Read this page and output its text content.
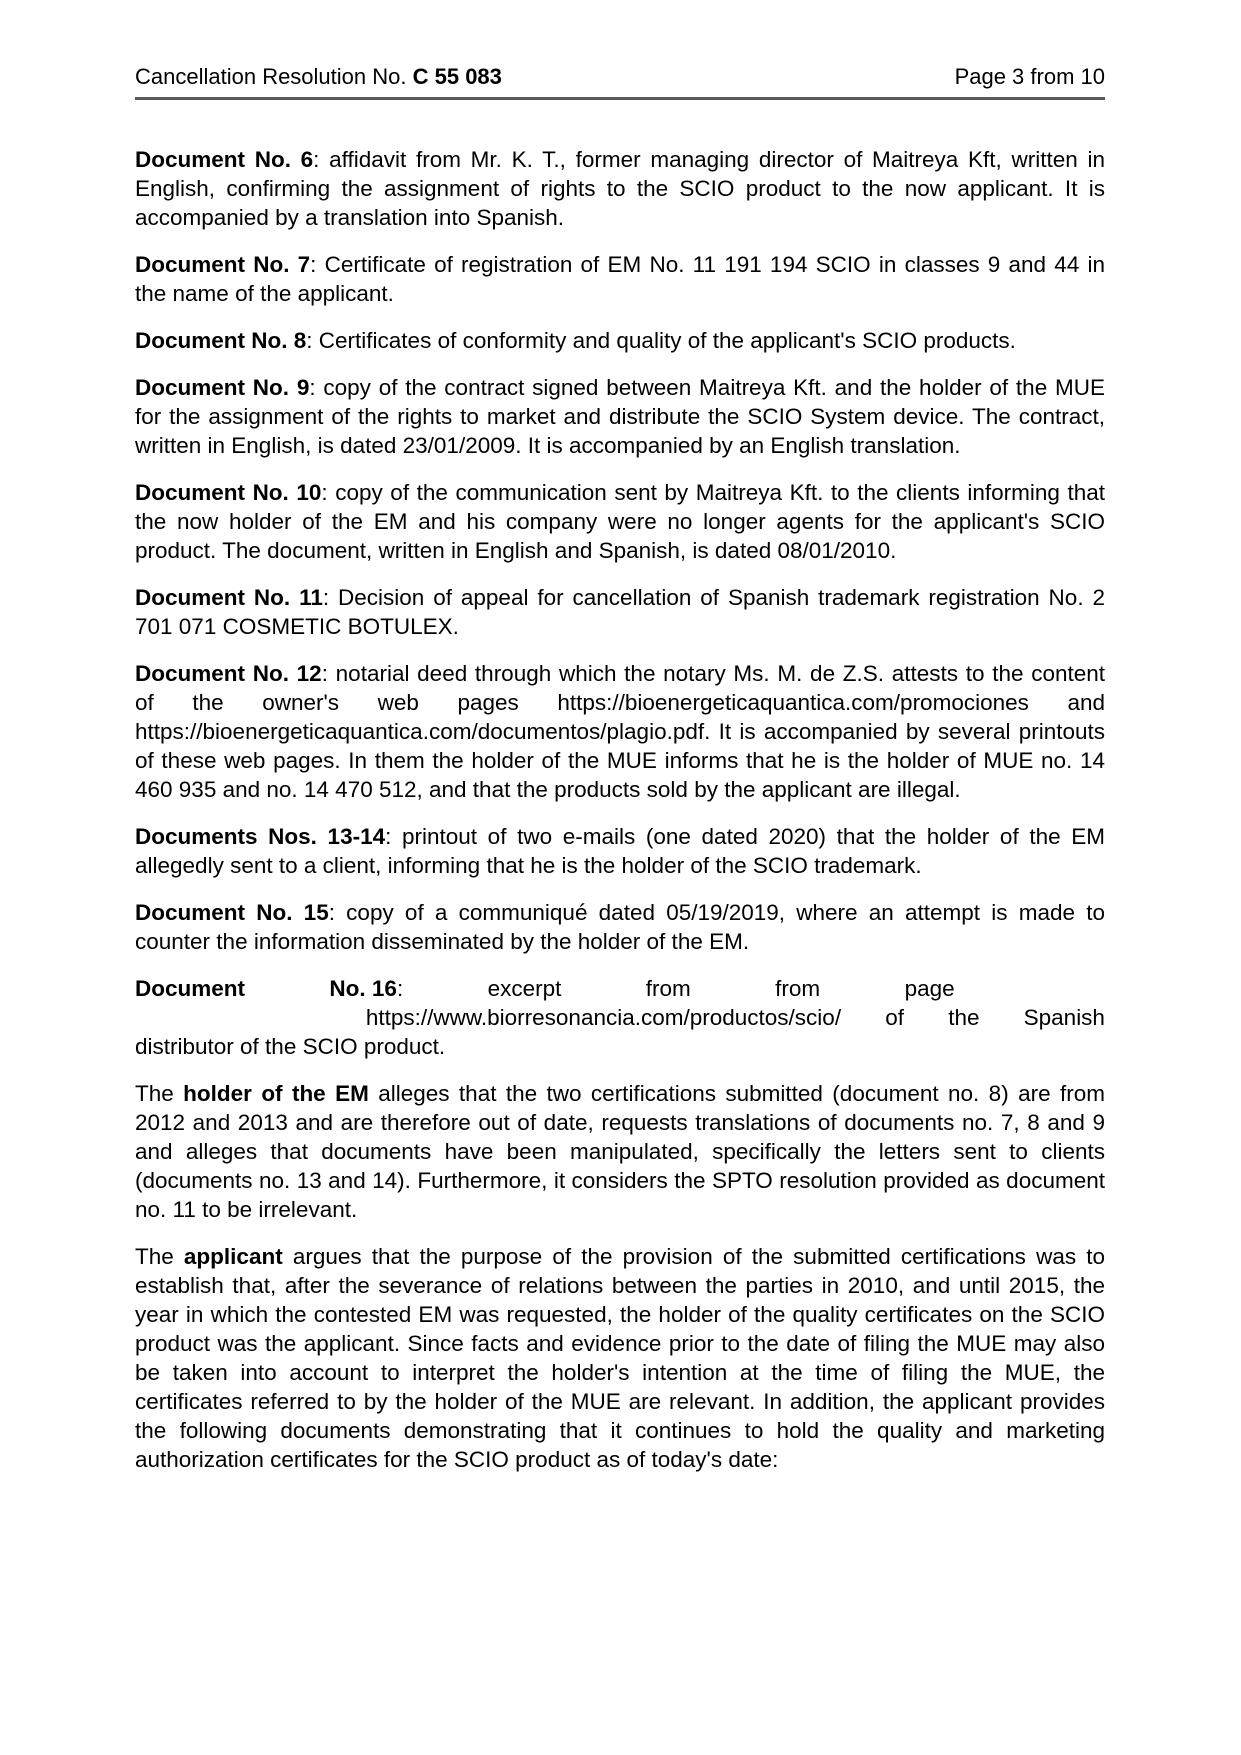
Cancellation Resolution No. C 55 083	Page 3 from 10

Document No. 6: affidavit from Mr. K. T., former managing director of Maitreya Kft, written in English, confirming the assignment of rights to the SCIO product to the now applicant. It is accompanied by a translation into Spanish.

Document No. 7: Certificate of registration of EM No. 11 191 194 SCIO in classes 9 and 44 in the name of the applicant.

Document No. 8: Certificates of conformity and quality of the applicant's SCIO products.

Document No. 9: copy of the contract signed between Maitreya Kft. and the holder of the MUE for the assignment of the rights to market and distribute the SCIO System device. The contract, written in English, is dated 23/01/2009. It is accompanied by an English translation.

Document No. 10: copy of the communication sent by Maitreya Kft. to the clients informing that the now holder of the EM and his company were no longer agents for the applicant's SCIO product. The document, written in English and Spanish, is dated 08/01/2010.

Document No. 11: Decision of appeal for cancellation of Spanish trademark registration No. 2 701 071 COSMETIC BOTULEX.

Document No. 12: notarial deed through which the notary Ms. M. de Z.S. attests to the content of the owner's web pages https://bioenergeticaquantica.com/promociones and https://bioenergeticaquantica.com/documentos/plagio.pdf. It is accompanied by several printouts of these web pages. In them the holder of the MUE informs that he is the holder of MUE no. 14 460 935 and no. 14 470 512, and that the products sold by the applicant are illegal.

Documents Nos. 13-14: printout of two e-mails (one dated 2020) that the holder of the EM allegedly sent to a client, informing that he is the holder of the SCIO trademark.

Document No. 15: copy of a communiqué dated 05/19/2019, where an attempt is made to counter the information disseminated by the holder of the EM.

Document	No. 16:	excerpt	from	from	page
https://www.biorresonancia.com/productos/scio/ of the Spanish
distributor of the SCIO product.

The holder of the EM alleges that the two certifications submitted (document no. 8) are from 2012 and 2013 and are therefore out of date, requests translations of documents no. 7, 8 and 9 and alleges that documents have been manipulated, specifically the letters sent to clients (documents no. 13 and 14). Furthermore, it considers the SPTO resolution provided as document no. 11 to be irrelevant.

The applicant argues that the purpose of the provision of the submitted certifications was to establish that, after the severance of relations between the parties in 2010, and until 2015, the year in which the contested EM was requested, the holder of the quality certificates on the SCIO product was the applicant. Since facts and evidence prior to the date of filing the MUE may also be taken into account to interpret the holder's intention at the time of filing the MUE, the certificates referred to by the holder of the MUE are relevant. In addition, the applicant provides the following documents demonstrating that it continues to hold the quality and marketing authorization certificates for the SCIO product as of today's date:
